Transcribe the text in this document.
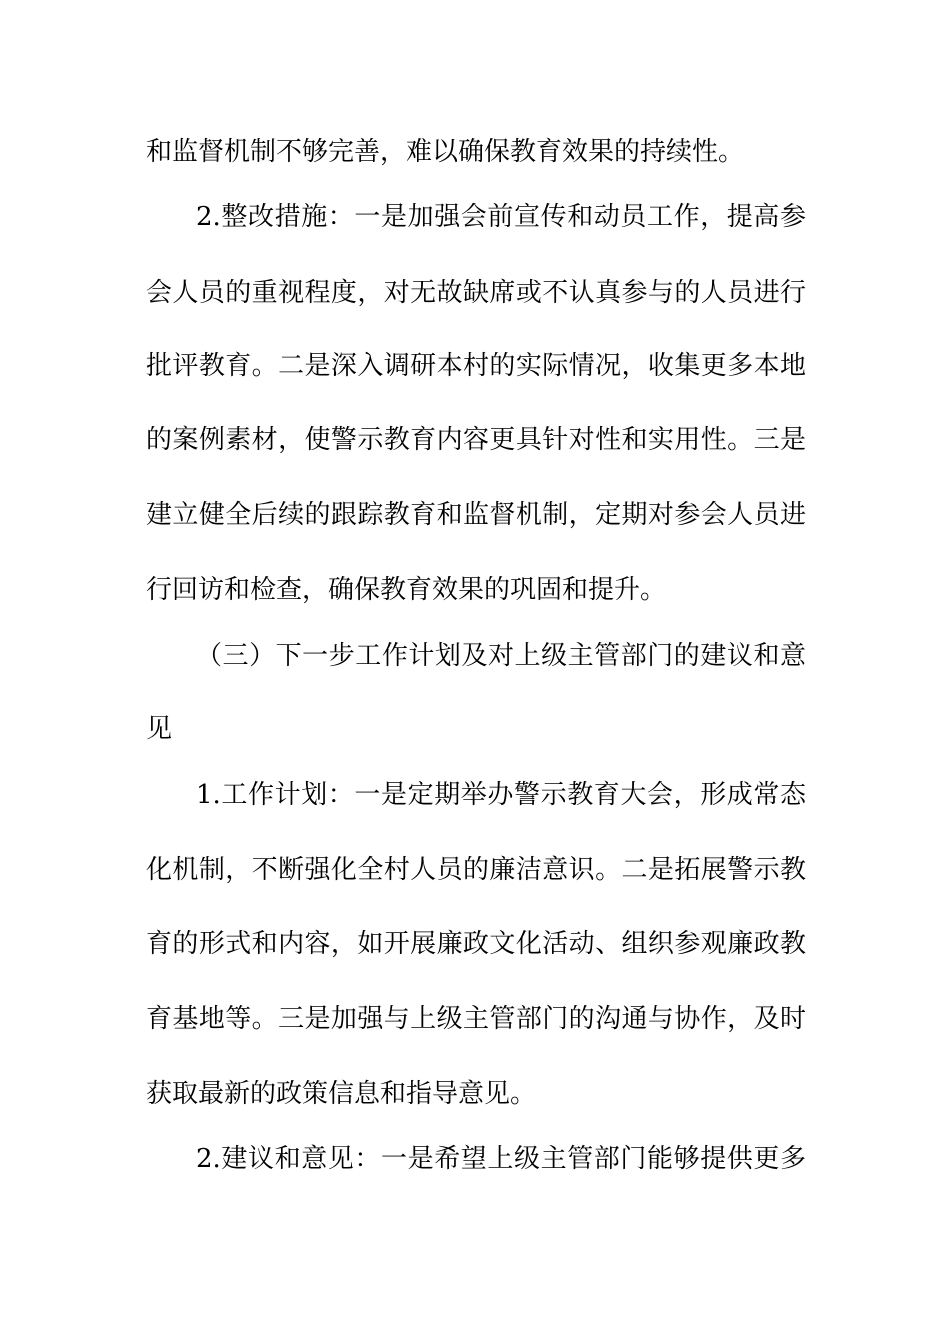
和监督机制不够完善，难以确保教育效果的持续性。
2.整改措施：一是加强会前宣传和动员工作，提高参
会人员的重视程度，对无故缺席或不认真参与的人员进行
批评教育。二是深入调研本村的实际情况，收集更多本地
的案例素材，使警示教育内容更具针对性和实用性。三是
建立健全后续的跟踪教育和监督机制，定期对参会人员进
行回访和检查，确保教育效果的巩固和提升。
（三）下一步工作计划及对上级主管部门的建议和意
见
1.工作计划：一是定期举办警示教育大会，形成常态
化机制，不断强化全村人员的廉洁意识。二是拓展警示教
育的形式和内容，如开展廉政文化活动、组织参观廉政教
育基地等。三是加强与上级主管部门的沟通与协作，及时
获取最新的政策信息和指导意见。
2.建议和意见：一是希望上级主管部门能够提供更多
